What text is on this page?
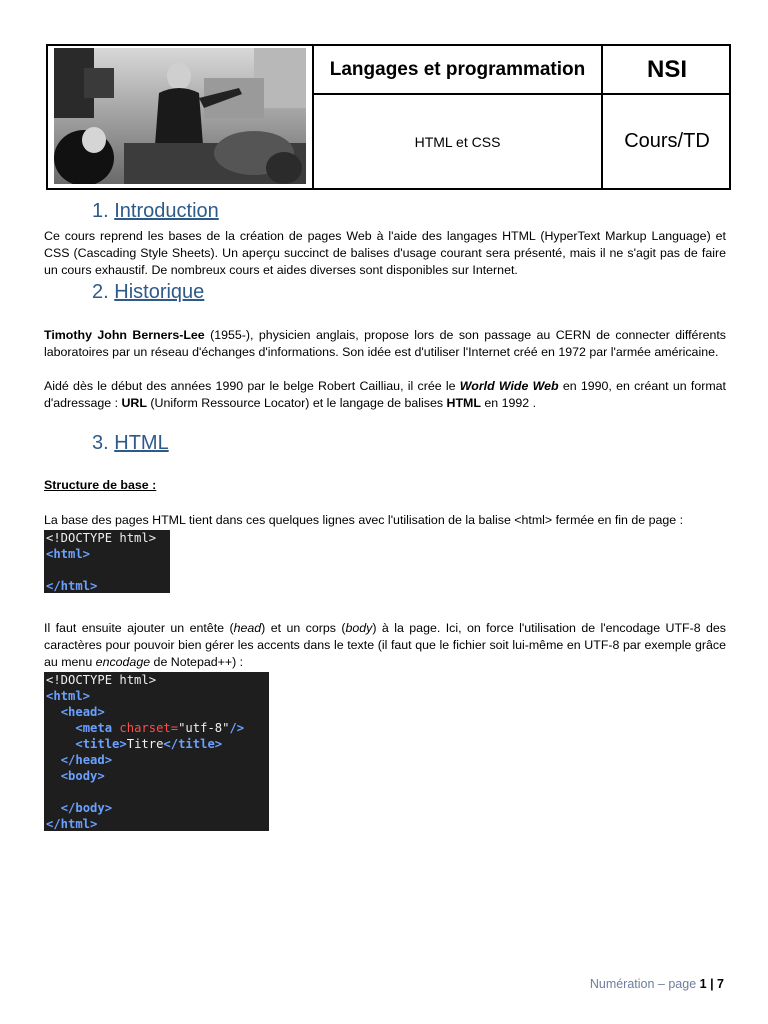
Langages et programmation	NSI
HTML et CSS	Cours/TD
1. Introduction
Ce cours reprend les bases de la création de pages Web à l'aide des langages HTML (HyperText Markup Language) et CSS (Cascading Style Sheets). Un aperçu succinct de balises d'usage courant sera présenté, mais il ne s'agit pas de faire un cours exhaustif. De nombreux cours et aides diverses sont disponibles sur Internet.
2. Historique
Timothy John Berners-Lee (1955-), physicien anglais, propose lors de son passage au CERN de connecter différents laboratoires par un réseau d'échanges d'informations. Son idée est d'utiliser l'Internet créé en 1972 par l'armée américaine.
Aidé dès le début des années 1990 par le belge Robert Cailliau, il crée le World Wide Web en 1990, en créant un format d'adressage : URL (Uniform Ressource Locator) et le langage de balises HTML en 1992 .
3. HTML
Structure de base :
La base des pages HTML tient dans ces quelques lignes avec l'utilisation de la balise <html> fermée en fin de page :
<!DOCTYPE html>
<html>

</html>
Il faut ensuite ajouter un entête (head) et un corps (body) à la page. Ici, on force l'utilisation de l'encodage UTF-8 des caractères pour pouvoir bien gérer les accents dans le texte (il faut que le fichier soit lui-même en UTF-8 par exemple grâce au menu encodage de Notepad++) :
<!DOCTYPE html>
<html>
<head>
<meta charset="utf-8"/>
<title>Titre</title>
</head>
<body>

</body>
</html>
Numération – page 1 | 7
